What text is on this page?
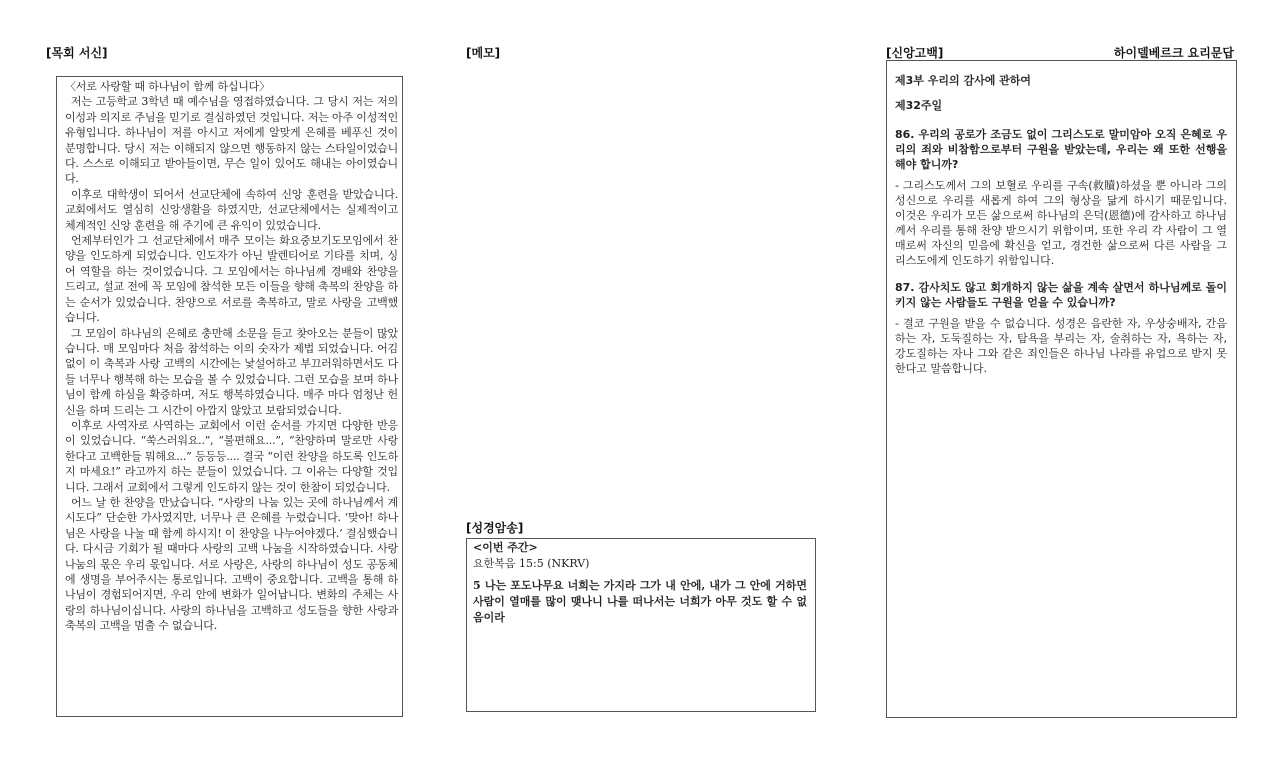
[목회 서신]	[메모]	[신앙고백]	하이델베르크 요리문답
[성경암송]

〈서로 사랑할 때 하나님이 함께 하십니다〉

저는 고등학교 3학년 때 예수님을 영접하였습니다. 그 당시 저는 저의 이성과 의지로 주님을 믿기로 결심하였던 것입니다. 저는 아주 이성적인 유형입니다. 하나님이 저를 아시고 저에게 알맞게 은혜를 베푸신 것이 분명합니다. 당시 저는 이해되지 않으면 행동하지 않는 스타일이었습니다. 스스로 이해되고 받아들이면, 무슨 일이 있어도 해내는 아이였습니다.

이후로 대학생이 되어서 선교단체에 속하여 신앙 훈련을 받았습니다. 교회에서도 열심히 신앙생활을 하였지만, 선교단체에서는 실제적이고 체계적인 신앙 훈련을 해 주기에 큰 유익이 있었습니다.

언제부터인가 그 선교단체에서 매주 모이는 화요중보기도모임에서 찬양을 인도하게 되었습니다. 인도자가 아닌 발렌티어로 기타를 치며, 싱어 역할을 하는 것이었습니다. 그 모임에서는 하나님께 경배와 찬양을 드리고, 설교 전에 꼭 모임에 참석한 모든 이들을 향해 축복의 찬양을 하는 순서가 있었습니다. 찬양으로 서로를 축복하고, 말로 사랑을 고백했습니다.

그 모임이 하나님의 은혜로 충만해 소문을 듣고 찾아오는 분들이 많았습니다. 매 모임마다 처음 참석하는 이의 숫자가 제법 되었습니다. 어김없이 이 축복과 사랑 고백의 시간에는 낯설어하고 부끄러워하면서도 다들 너무나 행복해 하는 모습을 볼 수 있었습니다. 그런 모습을 보며 하나님이 함께 하심을 확증하며, 저도 행복하였습니다. 매주 마다 엄청난 헌신을 하며 드리는 그 시간이 아깝지 않았고 보람되었습니다.

이후로 사역자로 사역하는 교회에서 이런 순서를 가지면 다양한 반응이 있었습니다. “쑥스러워요..”, “불편해요...”, “찬양하며 말로만 사랑한다고 고백한들 뭐해요...” 등등등.... 결국 “이런 찬양을 하도록 인도하지 마세요!” 라고까지 하는 분들이 있었습니다. 그 이유는 다양할 것입니다. 그래서 교회에서 그렇게 인도하지 않는 것이 한참이 되었습니다.

어느 날 한 찬양을 만났습니다. “사랑의 나눔 있는 곳에 하나님께서 계시도다” 단순한 가사였지만, 너무나 큰 은혜를 누렸습니다. ‘맞아! 하나님은 사랑을 나눌 때 함께 하시지! 이 찬양을 나누어야겠다.’ 결심했습니다. 다시금 기회가 될 때마다 사랑의 고백 나눔을 시작하였습니다. 사랑 나눔의 몫은 우리 몫입니다. 서로 사랑은, 사랑의 하나님이 성도 공동체에 생명을 부어주시는 통로입니다. 고백이 중요합니다. 고백을 통해 하나님이 경험되어지면, 우리 안에 변화가 일어납니다. 변화의 주체는 사랑의 하나님이십니다. 사랑의 하나님을 고백하고 성도들을 향한 사랑과 축복의 고백을 멈출 수 없습니다.

<이번 주간>
요한복음 15:5 (NKRV)
5 나는 포도나무요 너희는 가지라 그가 내 안에, 내가 그 안에 거하면 사람이 열매를 많이 맺나니 나를 떠나서는 너희가 아무 것도 할 수 없음이라
제3부 우리의 감사에 관하여
제32주일
86. 우리의 공로가 조금도 없이 그리스도로 말미암아 오직 은혜로 우리의 죄와 비참함으로부터 구원을 받았는데, 우리는 왜 또한 선행을 해야 합니까?
- 그리스도께서 그의 보혈로 우리를 구속(救贖)하셨을 뿐 아니라 그의 성신으로 우리를 새롭게 하여 그의 형상을 닮게 하시기 때문입니다. 이것은 우리가 모든 삶으로써 하나님의 은덕(恩德)에 감사하고 하나님께서 우리를 통해 찬양 받으시기 위함이며, 또한 우리 각 사람이 그 열매로써 자신의 믿음에 확신을 얻고, 경건한 삶으로써 다른 사람을 그리스도에게 인도하기 위함입니다.
87. 감사치도 않고 회개하지 않는 삶을 계속 살면서 하나님께로 돌이키지 않는 사람들도 구원을 얻을 수 있습니까?
- 결코 구원을 받을 수 없습니다. 성경은 음란한 자, 우상숭배자, 간음하는 자, 도둑질하는 자, 탐욕을 부리는 자, 술취하는 자, 욕하는 자, 강도질하는 자나 그와 같은 죄인들은 하나님 나라를 유업으로 받지 못한다고 말씀합니다.
